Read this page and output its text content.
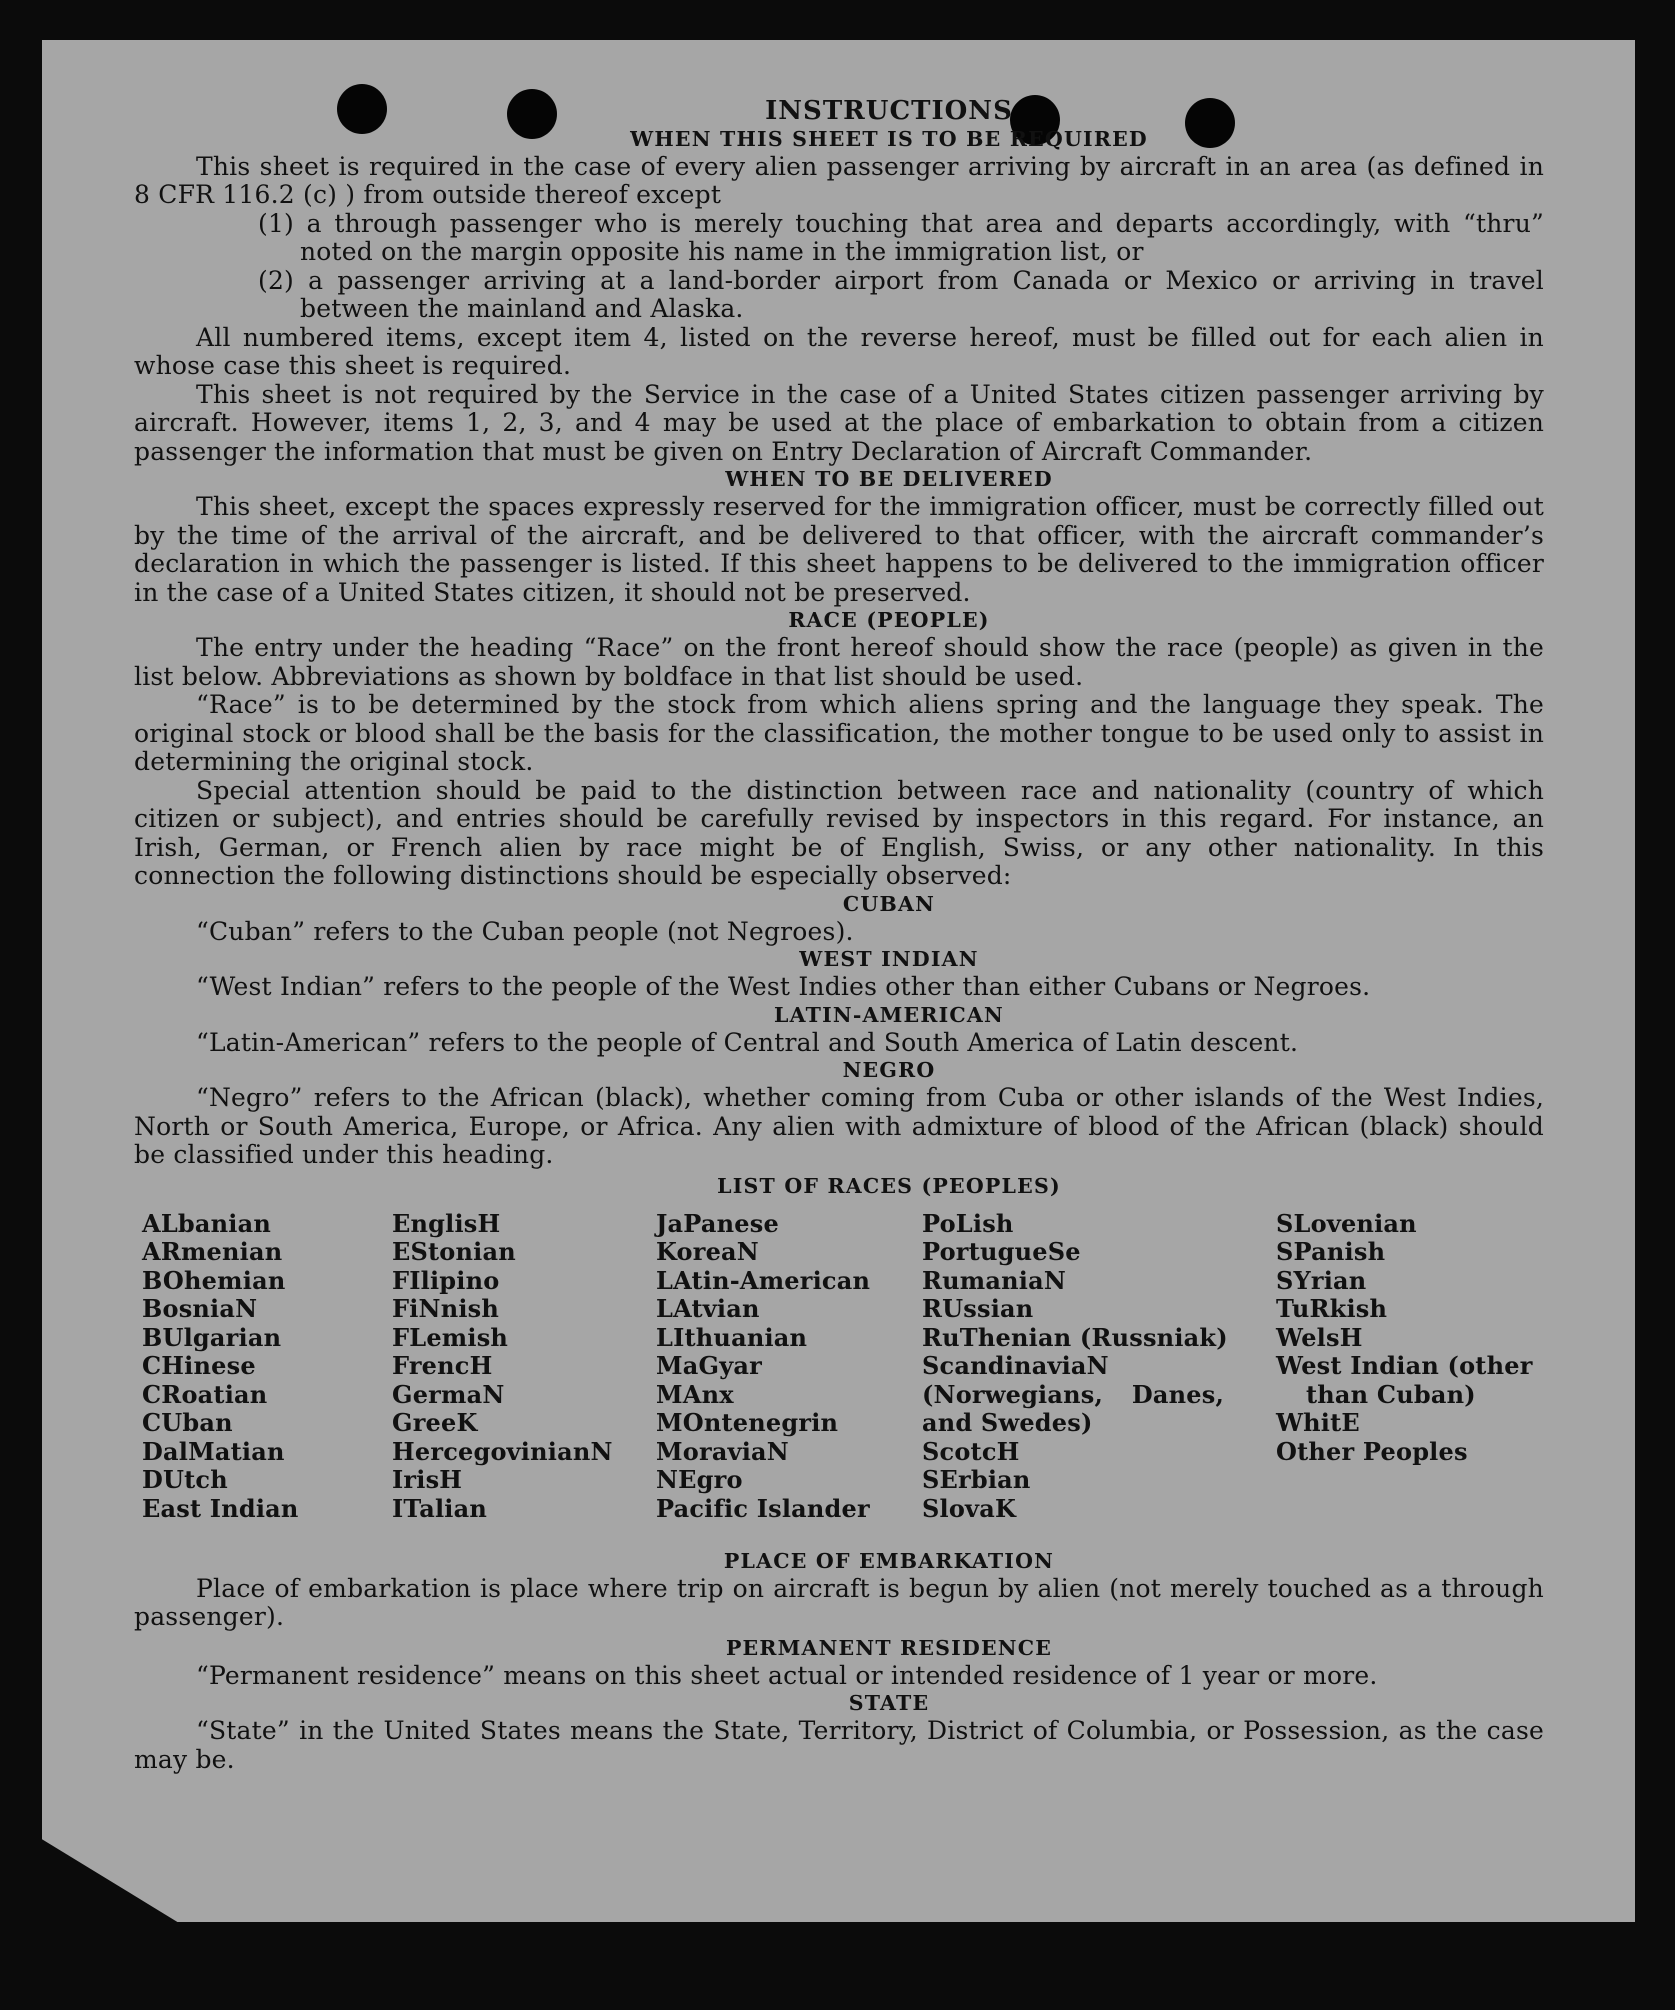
INSTRUCTIONS
WHEN THIS SHEET IS TO BE REQUIRED
This sheet is required in the case of every alien passenger arriving by aircraft in an area (as defined in 8 CFR 116.2 (c) ) from outside thereof except
(1) a through passenger who is merely touching that area and departs accordingly, with “thru” noted on the margin opposite his name in the immigration list, or
(2) a passenger arriving at a land-border airport from Canada or Mexico or arriving in travel between the mainland and Alaska.
All numbered items, except item 4, listed on the reverse hereof, must be filled out for each alien in whose case this sheet is required.
This sheet is not required by the Service in the case of a United States citizen passenger arriving by aircraft. However, items 1, 2, 3, and 4 may be used at the place of embarkation to obtain from a citizen passenger the information that must be given on Entry Declaration of Aircraft Commander.
WHEN TO BE DELIVERED
This sheet, except the spaces expressly reserved for the immigration officer, must be correctly filled out by the time of the arrival of the aircraft, and be delivered to that officer, with the aircraft commander’s declaration in which the passenger is listed. If this sheet happens to be delivered to the immigration officer in the case of a United States citizen, it should not be preserved.
RACE (PEOPLE)
The entry under the heading “Race” on the front hereof should show the race (people) as given in the list below. Abbreviations as shown by boldface in that list should be used.
“Race” is to be determined by the stock from which aliens spring and the language they speak. The original stock or blood shall be the basis for the classification, the mother tongue to be used only to assist in determining the original stock.
Special attention should be paid to the distinction between race and nationality (country of which citizen or subject), and entries should be carefully revised by inspectors in this regard. For instance, an Irish, German, or French alien by race might be of English, Swiss, or any other nationality. In this connection the following distinctions should be especially observed:
CUBAN
“Cuban” refers to the Cuban people (not Negroes).
WEST INDIAN
“West Indian” refers to the people of the West Indies other than either Cubans or Negroes.
LATIN-AMERICAN
“Latin-American” refers to the people of Central and South America of Latin descent.
NEGRO
“Negro” refers to the African (black), whether coming from Cuba or other islands of the West Indies, North or South America, Europe, or Africa. Any alien with admixture of blood of the African (black) should be classified under this heading.
LIST OF RACES (PEOPLES)
ALbanian
ARmenian
BOhemian
BosniaN
BUlgarian
CHinese
CRoatian
CUban
DalMatian
DUtch
East Indian
EnglisH
EStonian
FIlipino
FiNnish
FLemish
FrencH
GermaN
GreeK
HercegovinianN
IrisH
ITalian
JaPanese
KoreaN
LAtin-American
LAtvian
LIthuanian
MaGyar
MAnx
MOntenegrin
MoraviaN
NEgro
Pacific Islander
PoLish
PortugueSe
RumaniaN
RUssian
RuThenian (Russniak)
ScandinaviaN (Norwegians, Danes, and Swedes)
ScotcH
SErbian
SlovaK
SLovenian
SPanish
SYrian
TuRkish
WelsH
West Indian (other
than Cuban)
WhitE
Other Peoples
PLACE OF EMBARKATION
Place of embarkation is place where trip on aircraft is begun by alien (not merely touched as a through passenger).
PERMANENT RESIDENCE
“Permanent residence” means on this sheet actual or intended residence of 1 year or more.
STATE
“State” in the United States means the State, Territory, District of Columbia, or Possession, as the case may be.
